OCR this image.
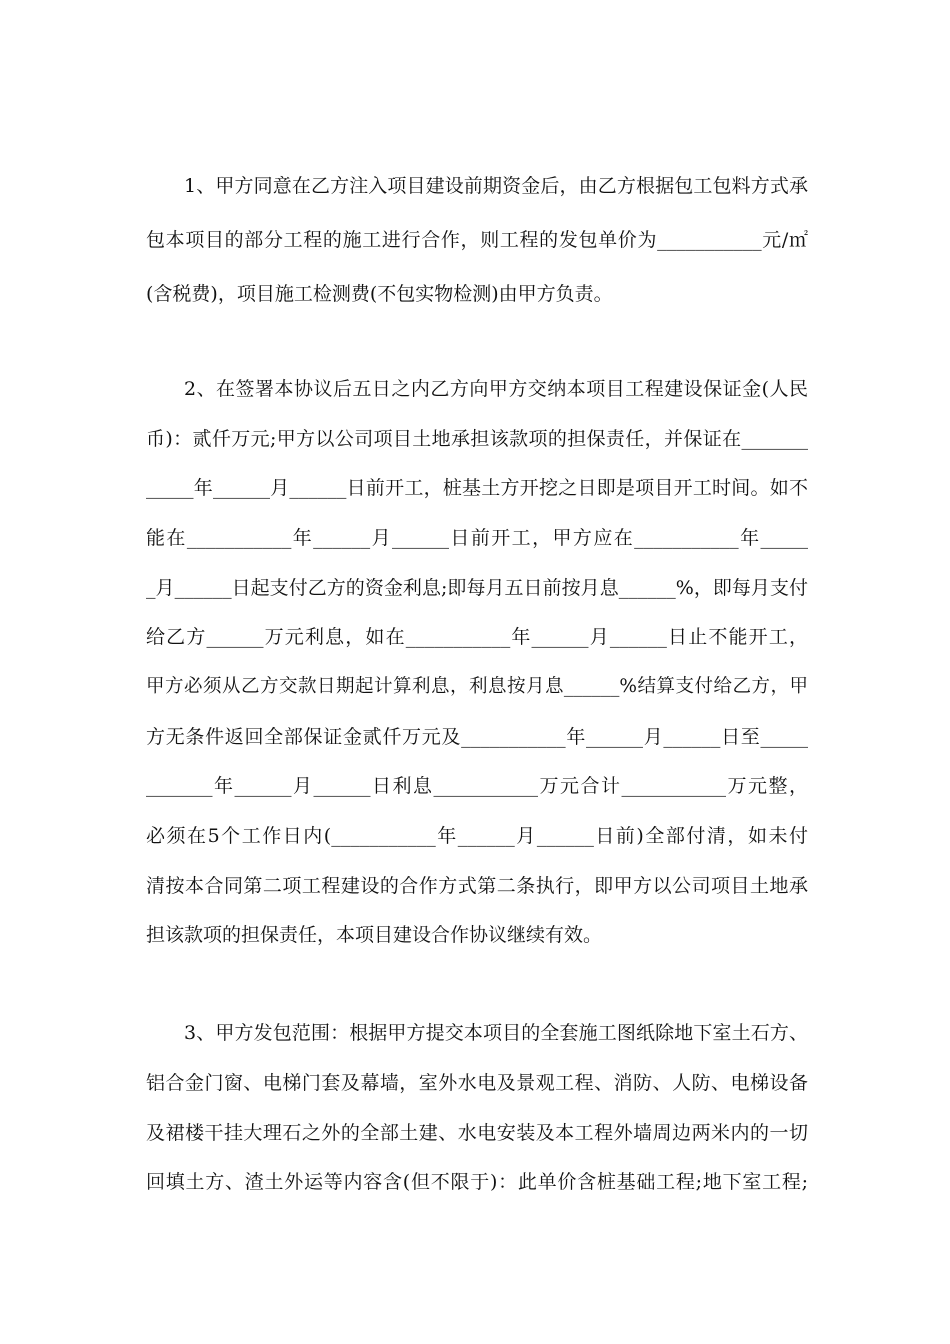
1、甲方同意在乙方注入项目建设前期资金后，由乙方根据包工包料方式承
包本项目的部分工程的施工进行合作，则工程的发包单价为___________元/㎡
(含税费)，项目施工检测费(不包实物检测)由甲方负责。
2、在签署本协议后五日之内乙方向甲方交纳本项目工程建设保证金(人民
币)：贰仟万元;甲方以公司项目土地承担该款项的担保责任，并保证在_______
_____年______月______日前开工，桩基土方开挖之日即是项目开工时间。如不
能在___________年______月______日前开工，甲方应在___________年_____
_月______日起支付乙方的资金利息;即每月五日前按月息______%，即每月支付
给乙方______万元利息，如在___________年______月______日止不能开工，
甲方必须从乙方交款日期起计算利息，利息按月息______%结算支付给乙方，甲
方无条件返回全部保证金贰仟万元及___________年______月______日至_____
_______年______月______日利息___________万元合计___________万元整，
必须在5个工作日内(___________年______月______日前)全部付清，如未付
清按本合同第二项工程建设的合作方式第二条执行，即甲方以公司项目土地承
担该款项的担保责任，本项目建设合作协议继续有效。
3、甲方发包范围：根据甲方提交本项目的全套施工图纸除地下室土石方、
铝合金门窗、电梯门套及幕墙，室外水电及景观工程、消防、人防、电梯设备
及裙楼干挂大理石之外的全部土建、水电安装及本工程外墙周边两米内的一切
回填土方、渣土外运等内容含(但不限于)：此单价含桩基础工程;地下室工程;
